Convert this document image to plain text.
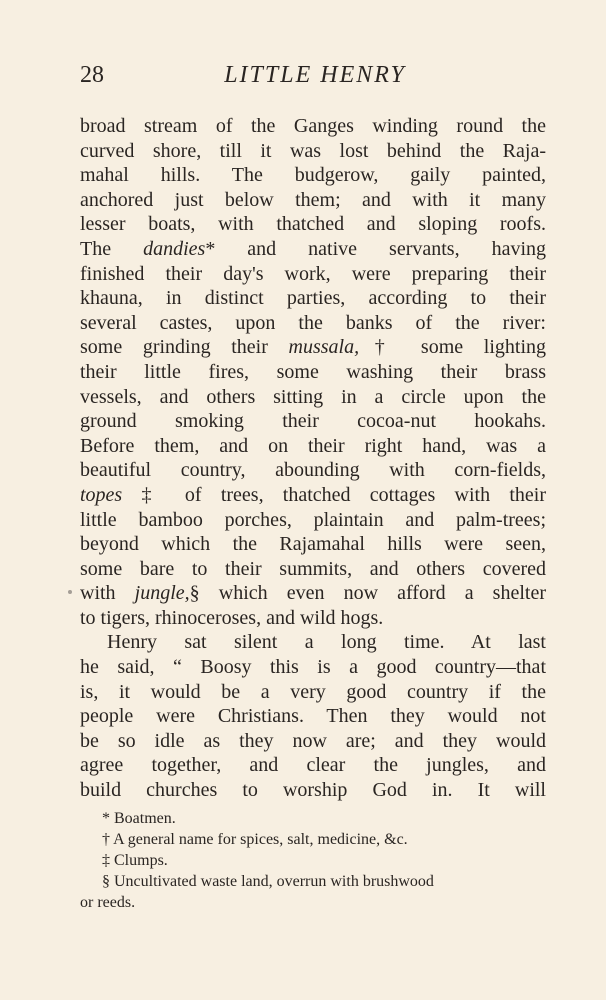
28	LITTLE HENRY
broad stream of the Ganges winding round the
curved shore, till it was lost behind the Raja-
mahal hills. The budgerow, gaily painted,
anchored just below them; and with it many
lesser boats, with thatched and sloping roofs.
The dandies* and native servants, having
finished their day's work, were preparing their
khauna, in distinct parties, according to their
several castes, upon the banks of the river:
some grinding their mussala,† some lighting
their little fires, some washing their brass
vessels, and others sitting in a circle upon the
ground smoking their cocoa-nut hookahs.
Before them, and on their right hand, was a
beautiful country, abounding with corn-fields,
topes ‡ of trees, thatched cottages with their
little bamboo porches, plaintain and palm-trees;
beyond which the Rajamahal hills were seen,
some bare to their summits, and others covered
with jungle,§ which even now afford a shelter
to tigers, rhinoceroses, and wild hogs.
Henry sat silent a long time. At last
he said, “ Boosy this is a good country—that
is, it would be a very good country if the
people were Christians. Then they would not
be so idle as they now are; and they would
agree together, and clear the jungles, and
build churches to worship God in. It will
* Boatmen.
† A general name for spices, salt, medicine, &c.
‡ Clumps.
§ Uncultivated waste land, overrun with brushwood
or reeds.
